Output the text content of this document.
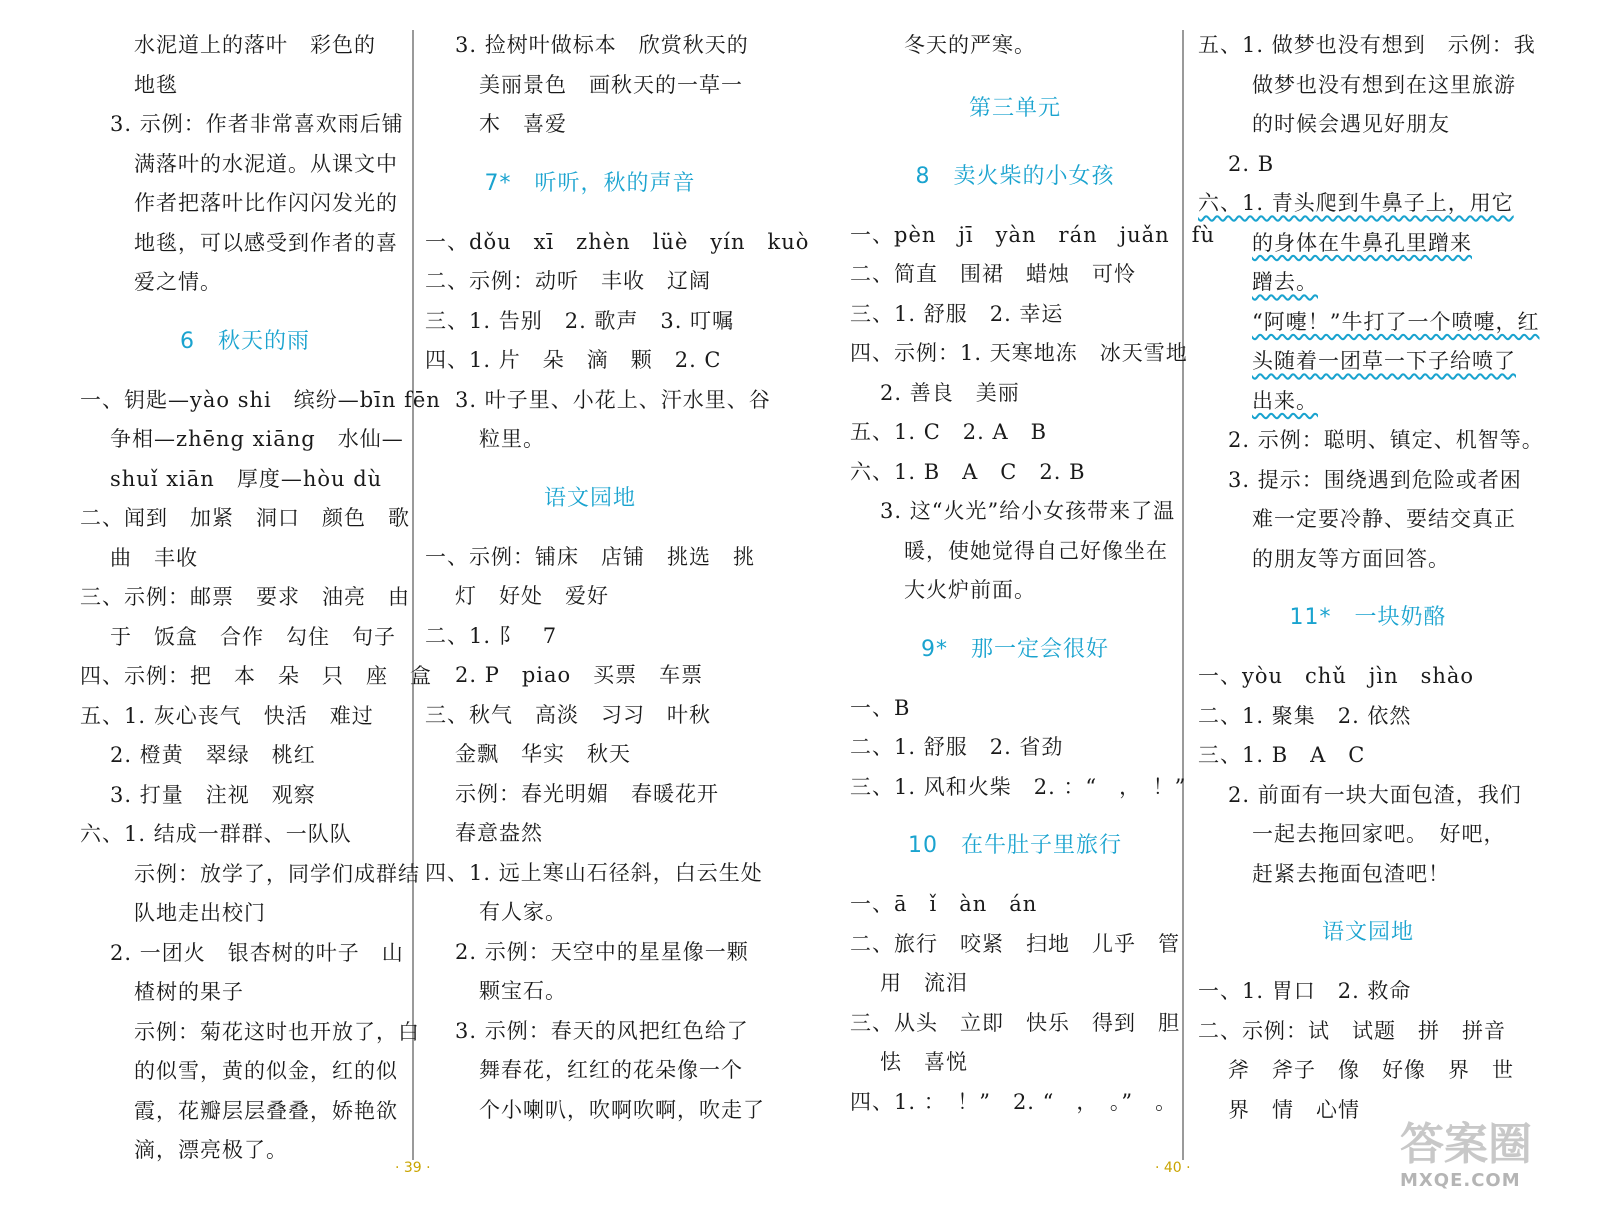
水泥道上的落叶　彩色的
地毯
3. 示例：作者非常喜欢雨后铺
满落叶的水泥道。从课文中
作者把落叶比作闪闪发光的
地毯，可以感受到作者的喜
爱之情。
6　秋天的雨
一、钥匙—yào shi　缤纷—bīn fēn
争相—zhēng xiāng　水仙—
shuǐ xiān　厚度—hòu dù
二、闻到　加紧　洞口　颜色　歌
曲　丰收
三、示例：邮票　要求　油亮　由
于　饭盒　合作　勾住　句子
四、示例：把　本　朵　只　座　盒
五、1. 灰心丧气　快活　难过
2. 橙黄　翠绿　桃红
3. 打量　注视　观察
六、1. 结成一群群、一队队
示例：放学了，同学们成群结
队地走出校门
2. 一团火　银杏树的叶子　山
楂树的果子
示例：菊花这时也开放了，白
的似雪，黄的似金，红的似
霞，花瓣层层叠叠，娇艳欲
滴，漂亮极了。
· 39 ·
3. 捡树叶做标本　欣赏秋天的
美丽景色　画秋天的一草一
木　喜爱
7*　听听，秋的声音
一、dǒu　xī　zhèn　lüè　yín　kuò
二、示例：动听　丰收　辽阔
三、1. 告别　2. 歌声　3. 叮嘱
四、1. 片　朵　滴　颗　2. C
3. 叶子里、小花上、汗水里、谷
粒里。
语文园地
一、示例：铺床　店铺　挑选　挑
灯　好处　爱好
二、1. 阝　7
2. P　piao　买票　车票
三、秋气　高淡　习习　叶秋
金飘　华实　秋天
示例：春光明媚　春暖花开
春意盎然
四、1. 远上寒山石径斜，白云生处
有人家。
2. 示例：天空中的星星像一颗
颗宝石。
3. 示例：春天的风把红色给了
舞春花，红红的花朵像一个
个小喇叭，吹啊吹啊，吹走了
冬天的严寒。
第三单元
8　卖火柴的小女孩
一、pèn　jī　yàn　rán　juǎn　fù
二、简直　围裙　蜡烛　可怜
三、1. 舒服　2. 幸运
四、示例：1. 天寒地冻　冰天雪地
2. 善良　美丽
五、1. C　2. A　B
六、1. B　A　C　2. B
3. 这“火光”给小女孩带来了温
暖，使她觉得自己好像坐在
大火炉前面。
9*　那一定会很好
一、B
二、1. 舒服　2. 省劲
三、1. 风和火柴　2. ：“　，　！”
10　在牛肚子里旅行
一、ā　ǐ　àn　án
二、旅行　咬紧　扫地　儿乎　管
用　流泪
三、从头　立即　快乐　得到　胆
怯　喜悦
四、1. ：　！”　2. “　，　。”　。
· 40 ·
五、1. 做梦也没有想到　示例：我
做梦也没有想到在这里旅游
的时候会遇见好朋友
2. B
六、1. 青头爬到牛鼻子上，用它
的身体在牛鼻孔里蹭来
蹭去。
“阿嚏！”牛打了一个喷嚏，红
头随着一团草一下子给喷了
出来。
2. 示例：聪明、镇定、机智等。
3. 提示：围绕遇到危险或者困
难一定要冷静、要结交真正
的朋友等方面回答。
11*　一块奶酪
一、yòu　chǔ　jìn　shào
二、1. 聚集　2. 依然
三、1. B　A　C
2. 前面有一块大面包渣，我们
一起去拖回家吧。　好吧，
赶紧去拖面包渣吧！
语文园地
一、1. 胃口　2. 救命
二、示例：试　试题　拼　拼音
斧　斧子　像　好像　界　世
界　情　心情
答案圈
MXQE.COM
